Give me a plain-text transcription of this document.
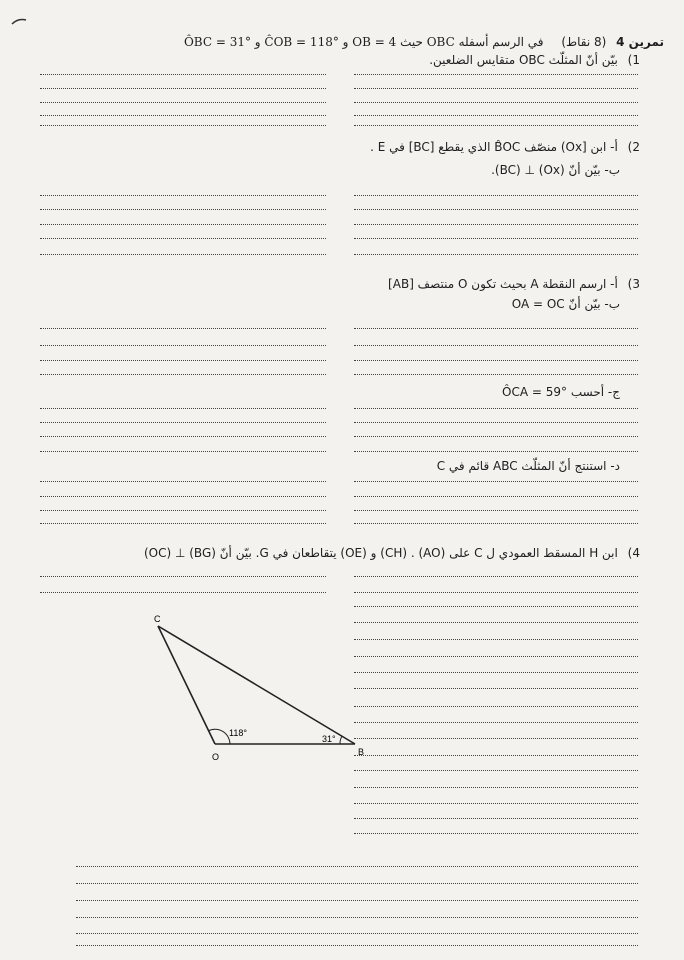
تمرين 4 (8 نقاط) في الرسم أسفله OBC حيث OB = 4 و ĈOB = 118° و ÔBC = 31°
1) بيّن أنّ المثلّث OBC متقايس الضلعين.
2) أ- ابن [Ox) منصّف B̂OC الذي يقطع [BC] في E .
ب- بيّن أنّ (Ox) ⊥ (BC).
3) أ- ارسم النقطة A بحيث تكون O منتصف [AB]
ب- بيّن أنّ OA = OC
ج- أحسب ÔCA = 59°
د- استنتج أنّ المثلّث ABC قائم في C
4) ابن H المسقط العمودي ل C على (AO) . (CH) و (OE) يتقاطعان في G. بيّن أنّ (BG) ⊥ (OC)
C
O	B
118°
31°
